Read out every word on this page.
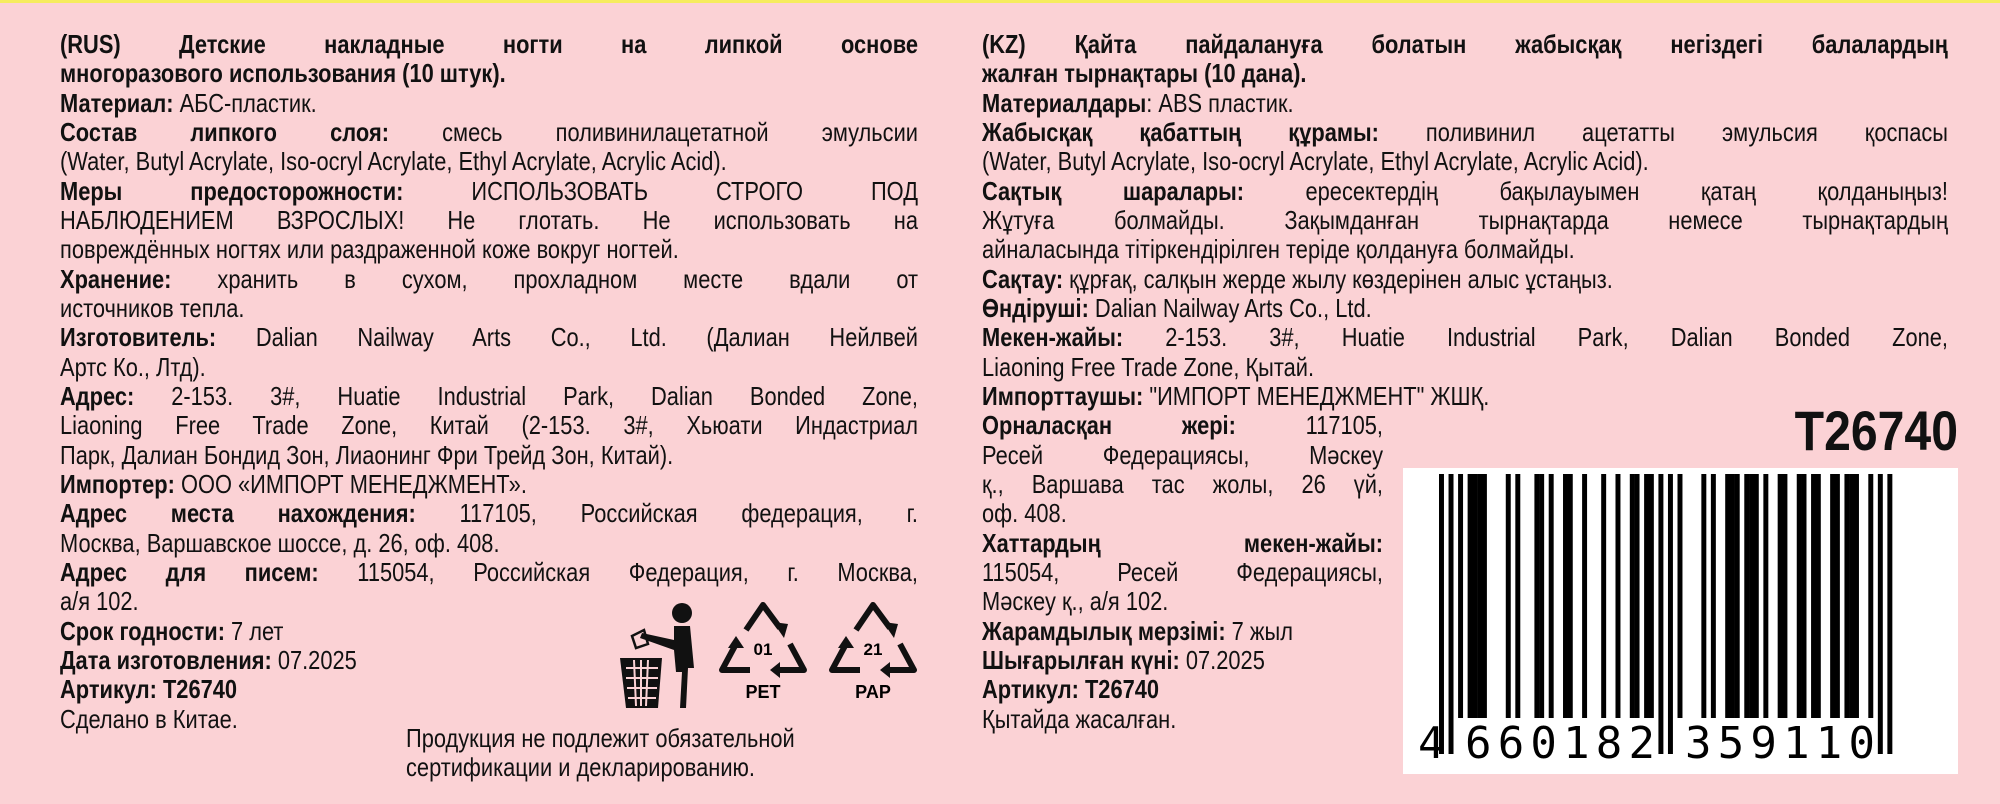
(RUS) Детские накладные ногти на липкой основе
многоразового использования (10 штук).
Материал: АБС-пластик.
Состав липкого слоя: смесь поливинилацетатной эмульсии
(Water, Butyl Acrylate, Iso-ocryl Acrylate, Ethyl Acrylate, Acrylic Acid).
Меры предосторожности: ИСПОЛЬЗОВАТЬ СТРОГО ПОД
НАБЛЮДЕНИЕМ ВЗРОСЛЫХ! Не глотать. Не использовать на
повреждённых ногтях или раздраженной коже вокруг ногтей.
Хранение: хранить в сухом, прохладном месте вдали от
источников тепла.
Изготовитель: Dalian Nailway Arts Co., Ltd. (Далиан Нейлвей
Артс Ко., Лтд).
Адрес: 2-153. 3#, Huatie Industrial Park, Dalian Bonded Zone,
Liaoning Free Trade Zone, Китай (2-153. 3#, Хьюати Индастриал
Парк, Далиан Бондид Зон, Лиаонинг Фри Трейд Зон, Китай).
Импортер: ООО «ИМПОРТ МЕНЕДЖМЕНТ».
Адрес места нахождения: 117105, Российская федерация, г.
Москва, Варшавское шоссе, д. 26, оф. 408.
Адрес для писем: 115054, Российская Федерация, г. Москва,
а/я 102.
Срок годности: 7 лет
Дата изготовления: 07.2025
Артикул: T26740
Сделано в Китае.
(KZ) Қайта пайдалануға болатын жабысқақ негіздегі балалардың
жалған тырнақтары (10 дана).
Материалдары: ABS пластик.
Жабысқақ қабаттың құрамы: поливинил ацетатты эмульсия қоспасы
(Water, Butyl Acrylate, Iso-ocryl Acrylate, Ethyl Acrylate, Acrylic Acid).
Сақтық шаралары: ересектердің бақылауымен қатаң қолданыңыз!
Жұтуға болмайды. Зақымданған тырнақтарда немесе тырнақтардың
айналасында тітіркендірілген теріде қолдануға болмайды.
Сақтау: құрғақ, салқын жерде жылу көздерінен алыс ұстаңыз.
Өндіруші: Dalian Nailway Arts Co., Ltd.
Мекен-жайы: 2-153. 3#, Huatie Industrial Park, Dalian Bonded Zone,
Liaoning Free Trade Zone, Қытай.
Импорттаушы: "ИМПОРТ МЕНЕДЖМЕНТ" ЖШҚ.
Орналасқан жері: 117105,
Ресей Федерациясы, Мәскеу
қ., Варшава тас жолы, 26 үй,
оф. 408.
Хаттардың мекен-жайы:
115054, Ресей Федерациясы,
Мәскеу қ., а/я 102.
Жарамдылық мерзімі: 7 жыл
Шығарылған күні: 07.2025
Артикул: T26740
Қытайда жасалған.
T26740
4 660182 359110
01
PET
21
PAP
Продукция не подлежит обязательной
сертификации и декларированию.
